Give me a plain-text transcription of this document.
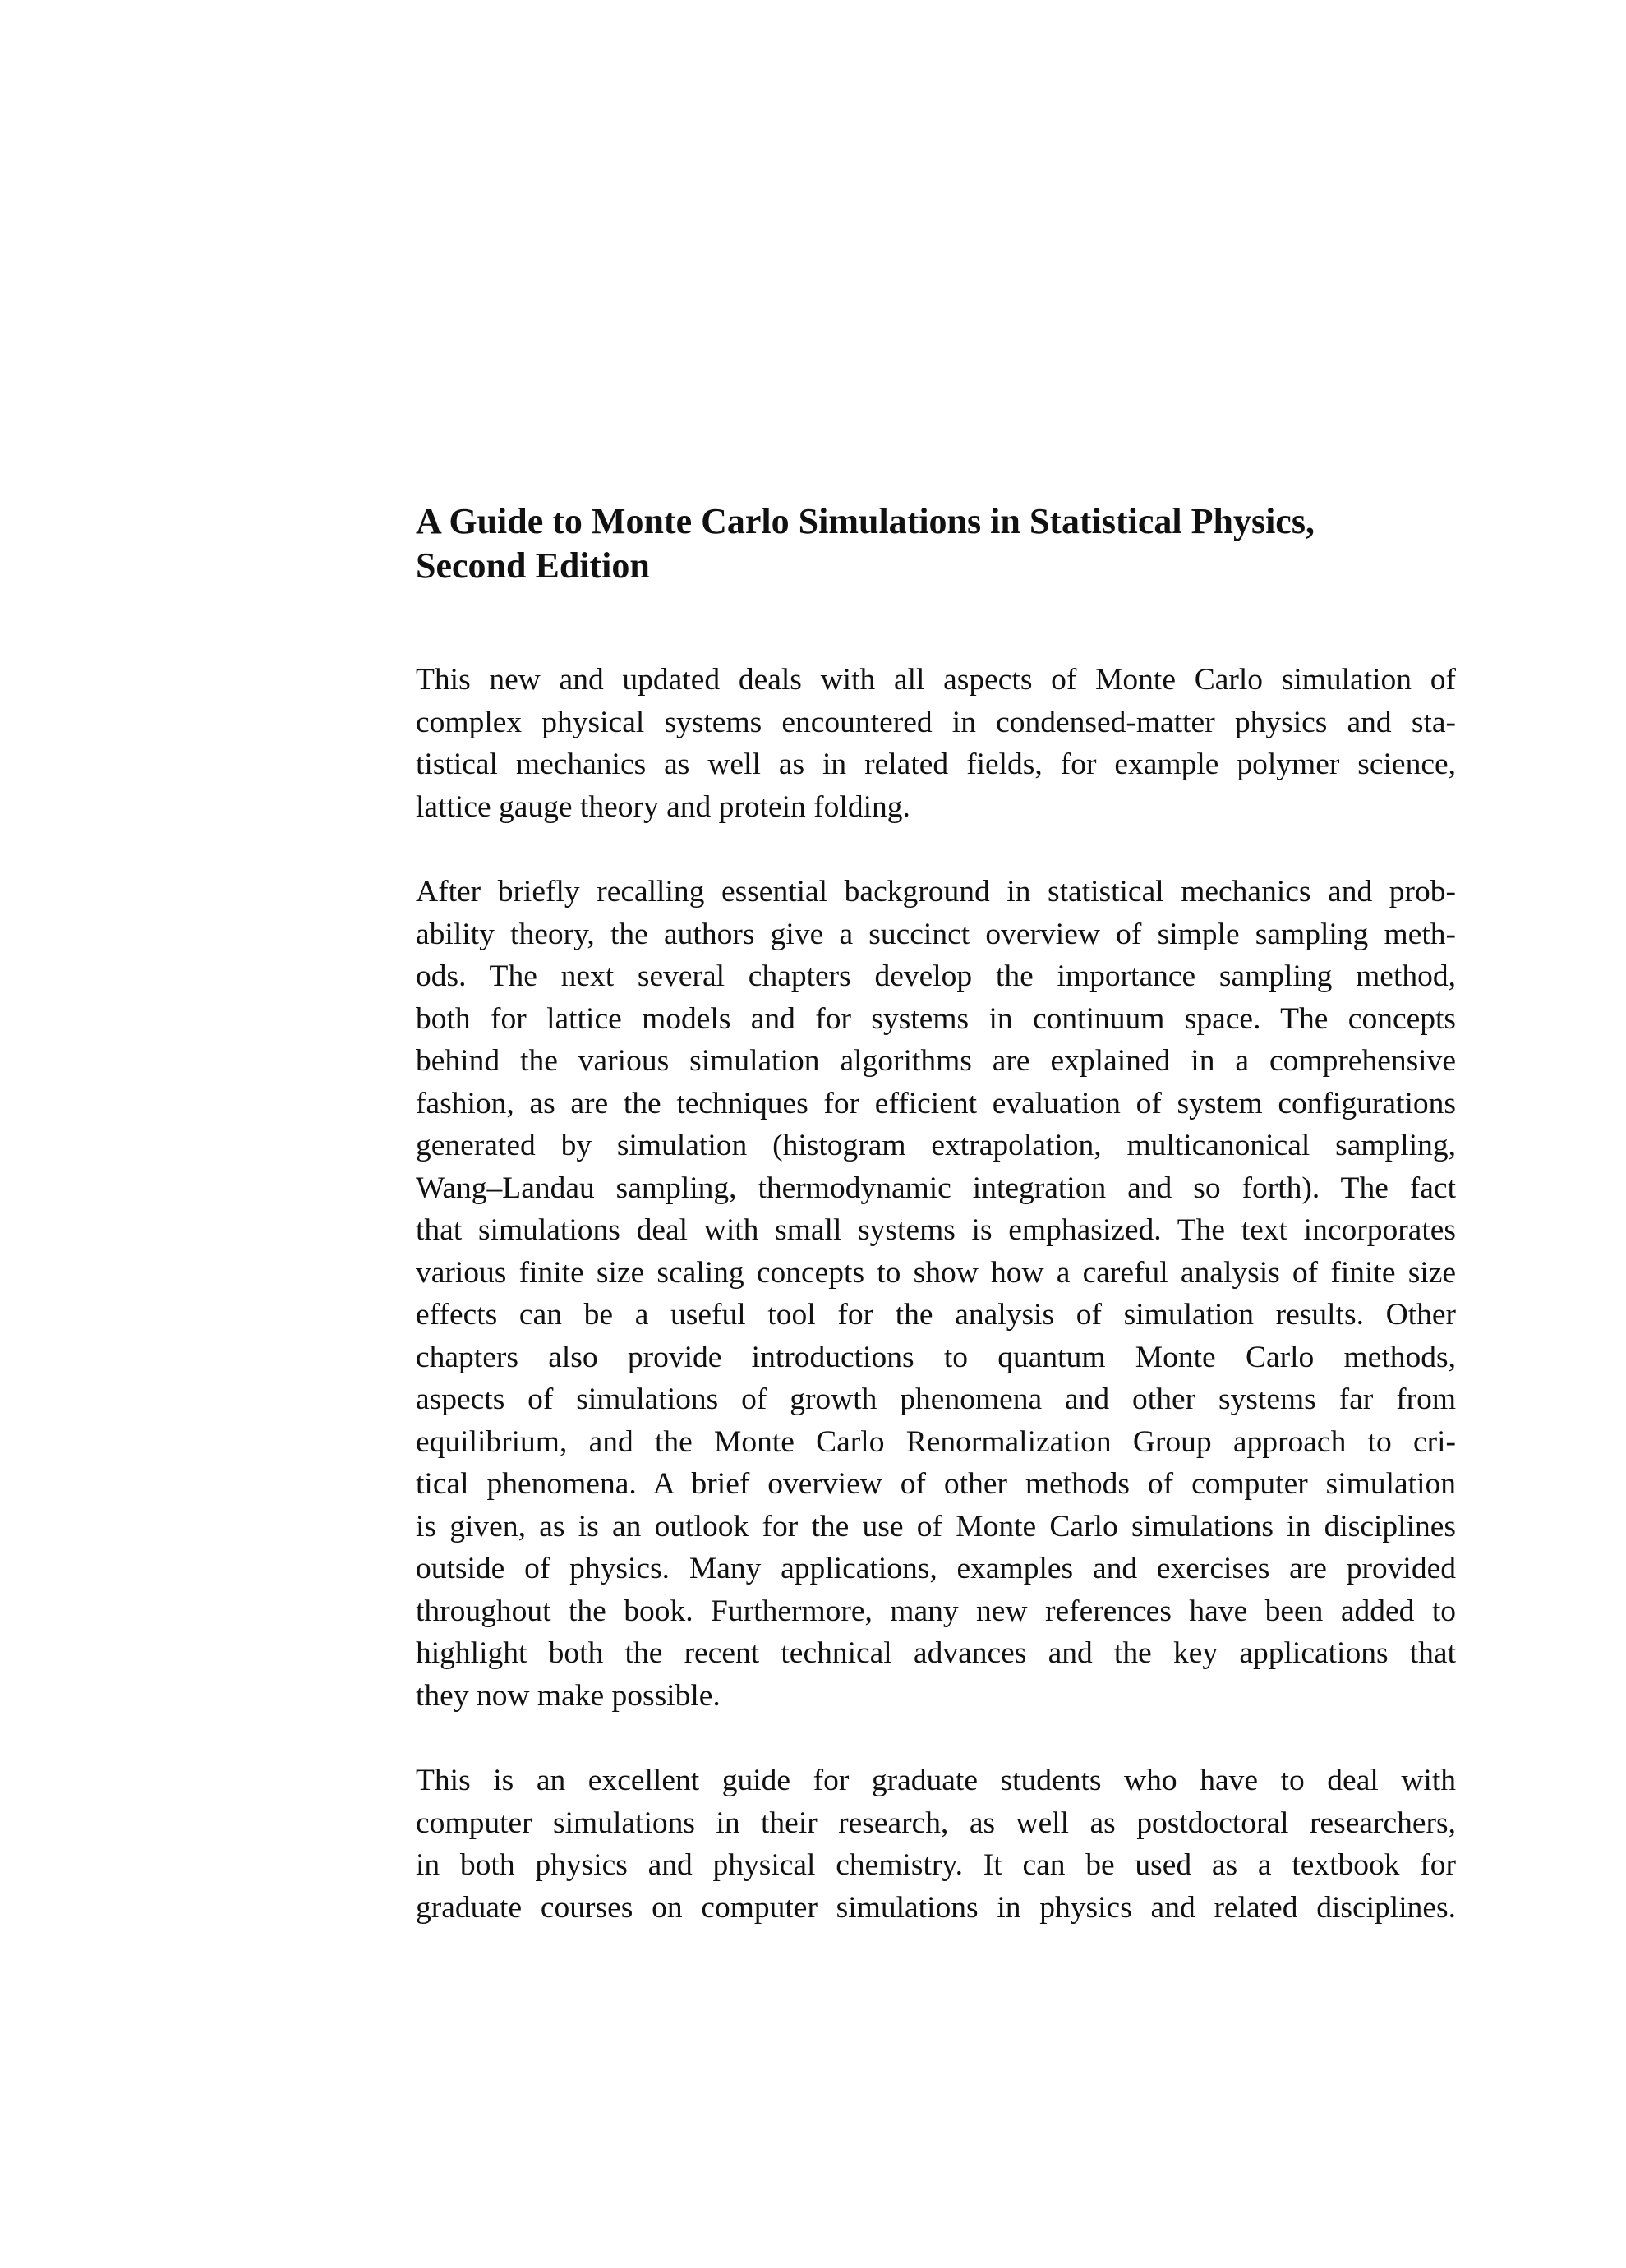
A Guide to Monte Carlo Simulations in Statistical Physics,
Second Edition

This new and updated deals with all aspects of Monte Carlo simulation of
complex physical systems encountered in condensed-matter physics and sta-
tistical mechanics as well as in related fields, for example polymer science,
lattice gauge theory and protein folding.

After briefly recalling essential background in statistical mechanics and prob-
ability theory, the authors give a succinct overview of simple sampling meth-
ods. The next several chapters develop the importance sampling method,
both for lattice models and for systems in continuum space. The concepts
behind the various simulation algorithms are explained in a comprehensive
fashion, as are the techniques for efficient evaluation of system configurations
generated by simulation (histogram extrapolation, multicanonical sampling,
Wang–Landau sampling, thermodynamic integration and so forth). The fact
that simulations deal with small systems is emphasized. The text incorporates
various finite size scaling concepts to show how a careful analysis of finite size
effects can be a useful tool for the analysis of simulation results. Other
chapters also provide introductions to quantum Monte Carlo methods,
aspects of simulations of growth phenomena and other systems far from
equilibrium, and the Monte Carlo Renormalization Group approach to cri-
tical phenomena. A brief overview of other methods of computer simulation
is given, as is an outlook for the use of Monte Carlo simulations in disciplines
outside of physics. Many applications, examples and exercises are provided
throughout the book. Furthermore, many new references have been added to
highlight both the recent technical advances and the key applications that
they now make possible.

This is an excellent guide for graduate students who have to deal with
computer simulations in their research, as well as postdoctoral researchers,
in both physics and physical chemistry. It can be used as a textbook for
graduate courses on computer simulations in physics and related disciplines.
